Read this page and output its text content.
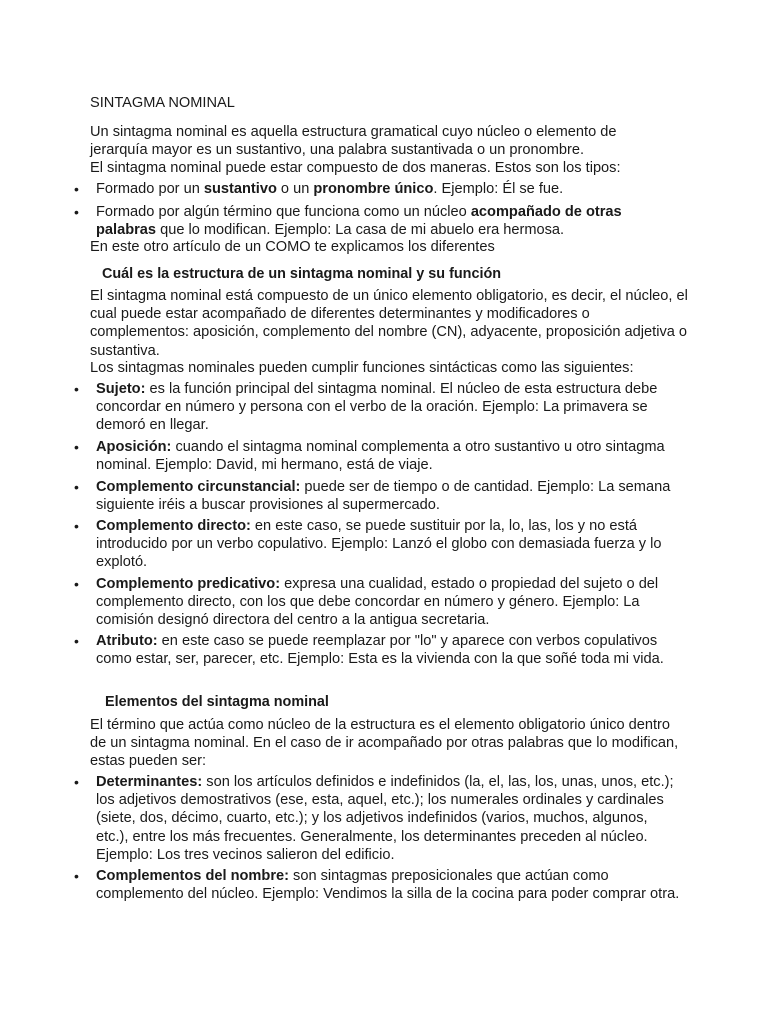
SINTAGMA NOMINAL

Un sintagma nominal es aquella estructura gramatical cuyo núcleo o elemento de jerarquía mayor es un sustantivo, una palabra sustantivada o un pronombre.

El sintagma nominal puede estar compuesto de dos maneras. Estos son los tipos:

• Formado por un sustantivo o un pronombre único. Ejemplo: Él se fue.
• Formado por algún término que funciona como un núcleo acompañado de otras palabras que lo modifican. Ejemplo: La casa de mi abuelo era hermosa.

En este otro artículo de un COMO te explicamos los diferentes

Cuál es la estructura de un sintagma nominal y su función

El sintagma nominal está compuesto de un único elemento obligatorio, es decir, el núcleo, el cual puede estar acompañado de diferentes determinantes y modificadores o complementos: aposición, complemento del nombre (CN), adyacente, proposición adjetiva o sustantiva.

Los sintagmas nominales pueden cumplir funciones sintácticas como las siguientes:

• Sujeto: es la función principal del sintagma nominal. El núcleo de esta estructura debe concordar en número y persona con el verbo de la oración. Ejemplo: La primavera se demoró en llegar.
• Aposición: cuando el sintagma nominal complementa a otro sustantivo u otro sintagma nominal. Ejemplo: David, mi hermano, está de viaje.
• Complemento circunstancial: puede ser de tiempo o de cantidad. Ejemplo: La semana siguiente iréis a buscar provisiones al supermercado.
• Complemento directo: en este caso, se puede sustituir por la, lo, las, los y no está introducido por un verbo copulativo. Ejemplo: Lanzó el globo con demasiada fuerza y lo explotó.
• Complemento predicativo: expresa una cualidad, estado o propiedad del sujeto o del complemento directo, con los que debe concordar en número y género. Ejemplo: La comisión designó directora del centro a la antigua secretaria.
• Atributo: en este caso se puede reemplazar por "lo" y aparece con verbos copulativos como estar, ser, parecer, etc. Ejemplo: Esta es la vivienda con la que soñé toda mi vida.
Elementos del sintagma nominal

El término que actúa como núcleo de la estructura es el elemento obligatorio único dentro de un sintagma nominal. En el caso de ir acompañado por otras palabras que lo modifican, estas pueden ser:

• Determinantes: son los artículos definidos e indefinidos (la, el, las, los, unas, unos, etc.); los adjetivos demostrativos (ese, esta, aquel, etc.); los numerales ordinales y cardinales (siete, dos, décimo, cuarto, etc.); y los adjetivos indefinidos (varios, muchos, algunos, etc.), entre los más frecuentes. Generalmente, los determinantes preceden al núcleo. Ejemplo: Los tres vecinos salieron del edificio.
• Complementos del nombre: son sintagmas preposicionales que actúan como complemento del núcleo. Ejemplo: Vendimos la silla de la cocina para poder comprar otra.
